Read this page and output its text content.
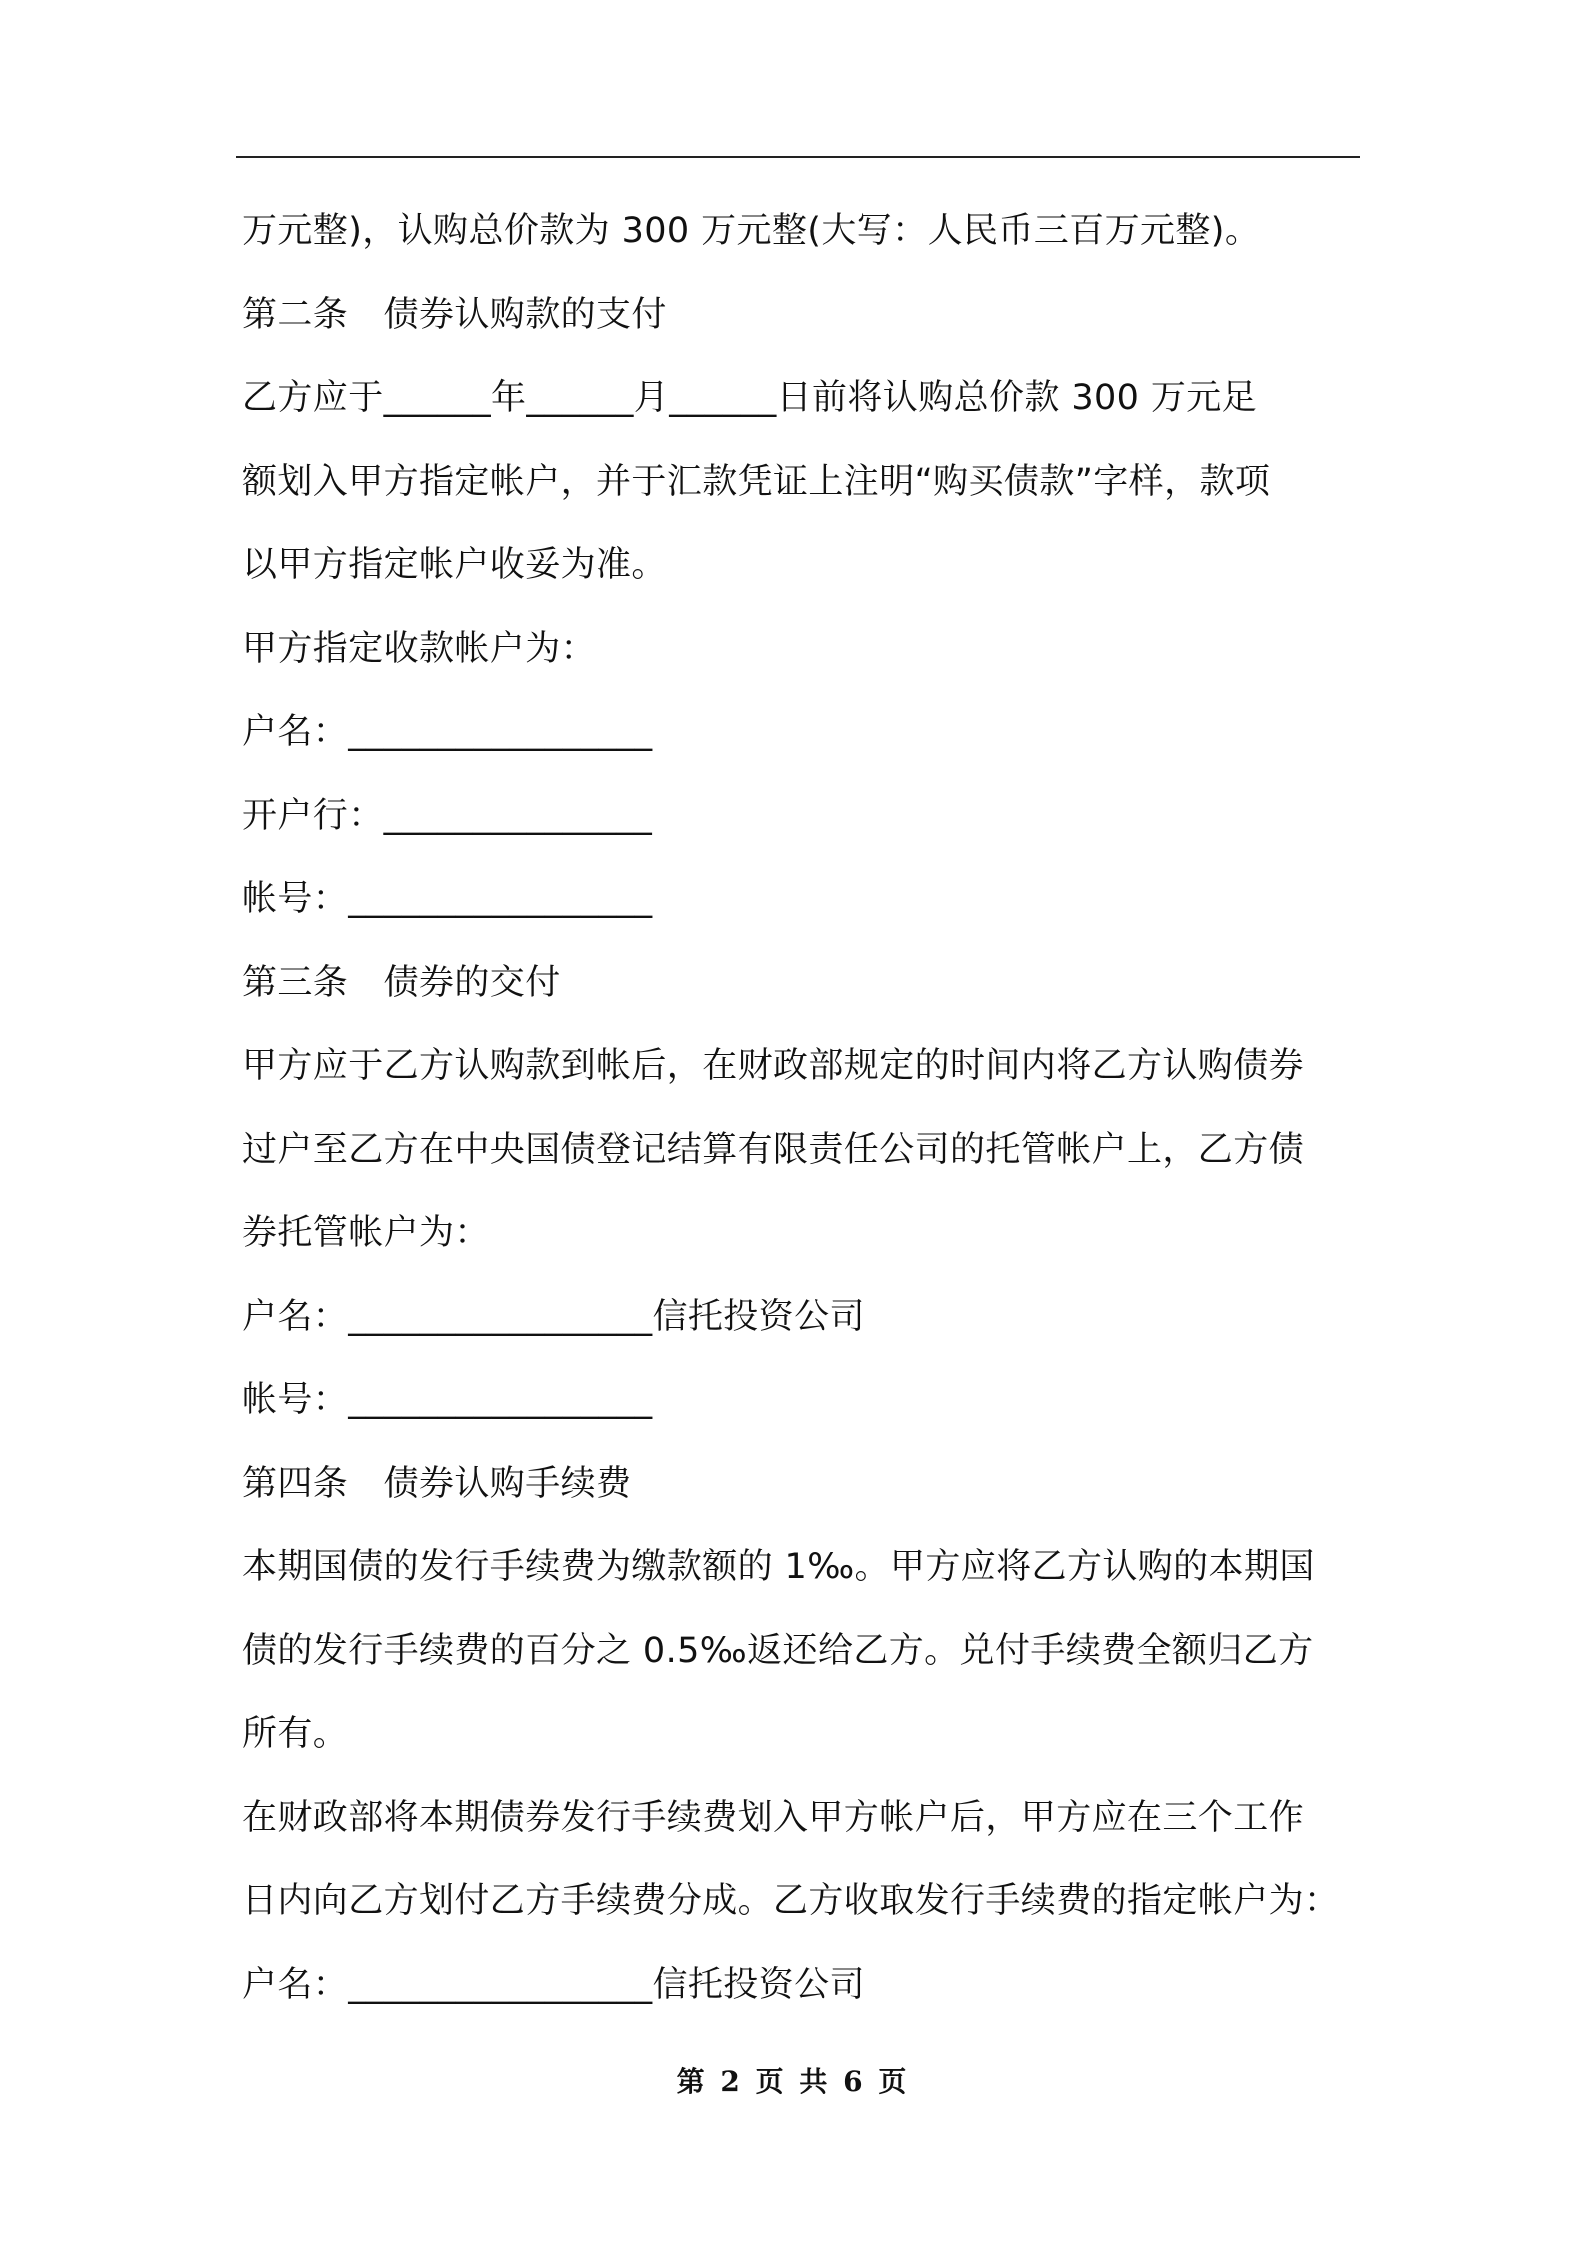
万元整)，认购总价款为 300 万元整(大写：人民币三百万元整)。
第二条　债券认购款的支付
乙方应于______年______月______日前将认购总价款 300 万元足
额划入甲方指定帐户，并于汇款凭证上注明“购买债款”字样，款项
以甲方指定帐户收妥为准。
甲方指定收款帐户为：
户名：_________________
开户行：_______________
帐号：_________________
第三条　债券的交付
甲方应于乙方认购款到帐后，在财政部规定的时间内将乙方认购债券
过户至乙方在中央国债登记结算有限责任公司的托管帐户上，乙方债
券托管帐户为：
户名：_________________信托投资公司
帐号：_________________
第四条　债券认购手续费
本期国债的发行手续费为缴款额的 1‰。甲方应将乙方认购的本期国
债的发行手续费的百分之 0.5‰返还给乙方。兑付手续费全额归乙方
所有。
在财政部将本期债券发行手续费划入甲方帐户后，甲方应在三个工作
日内向乙方划付乙方手续费分成。乙方收取发行手续费的指定帐户为：
户名：_________________信托投资公司
第 2 页 共 6 页
